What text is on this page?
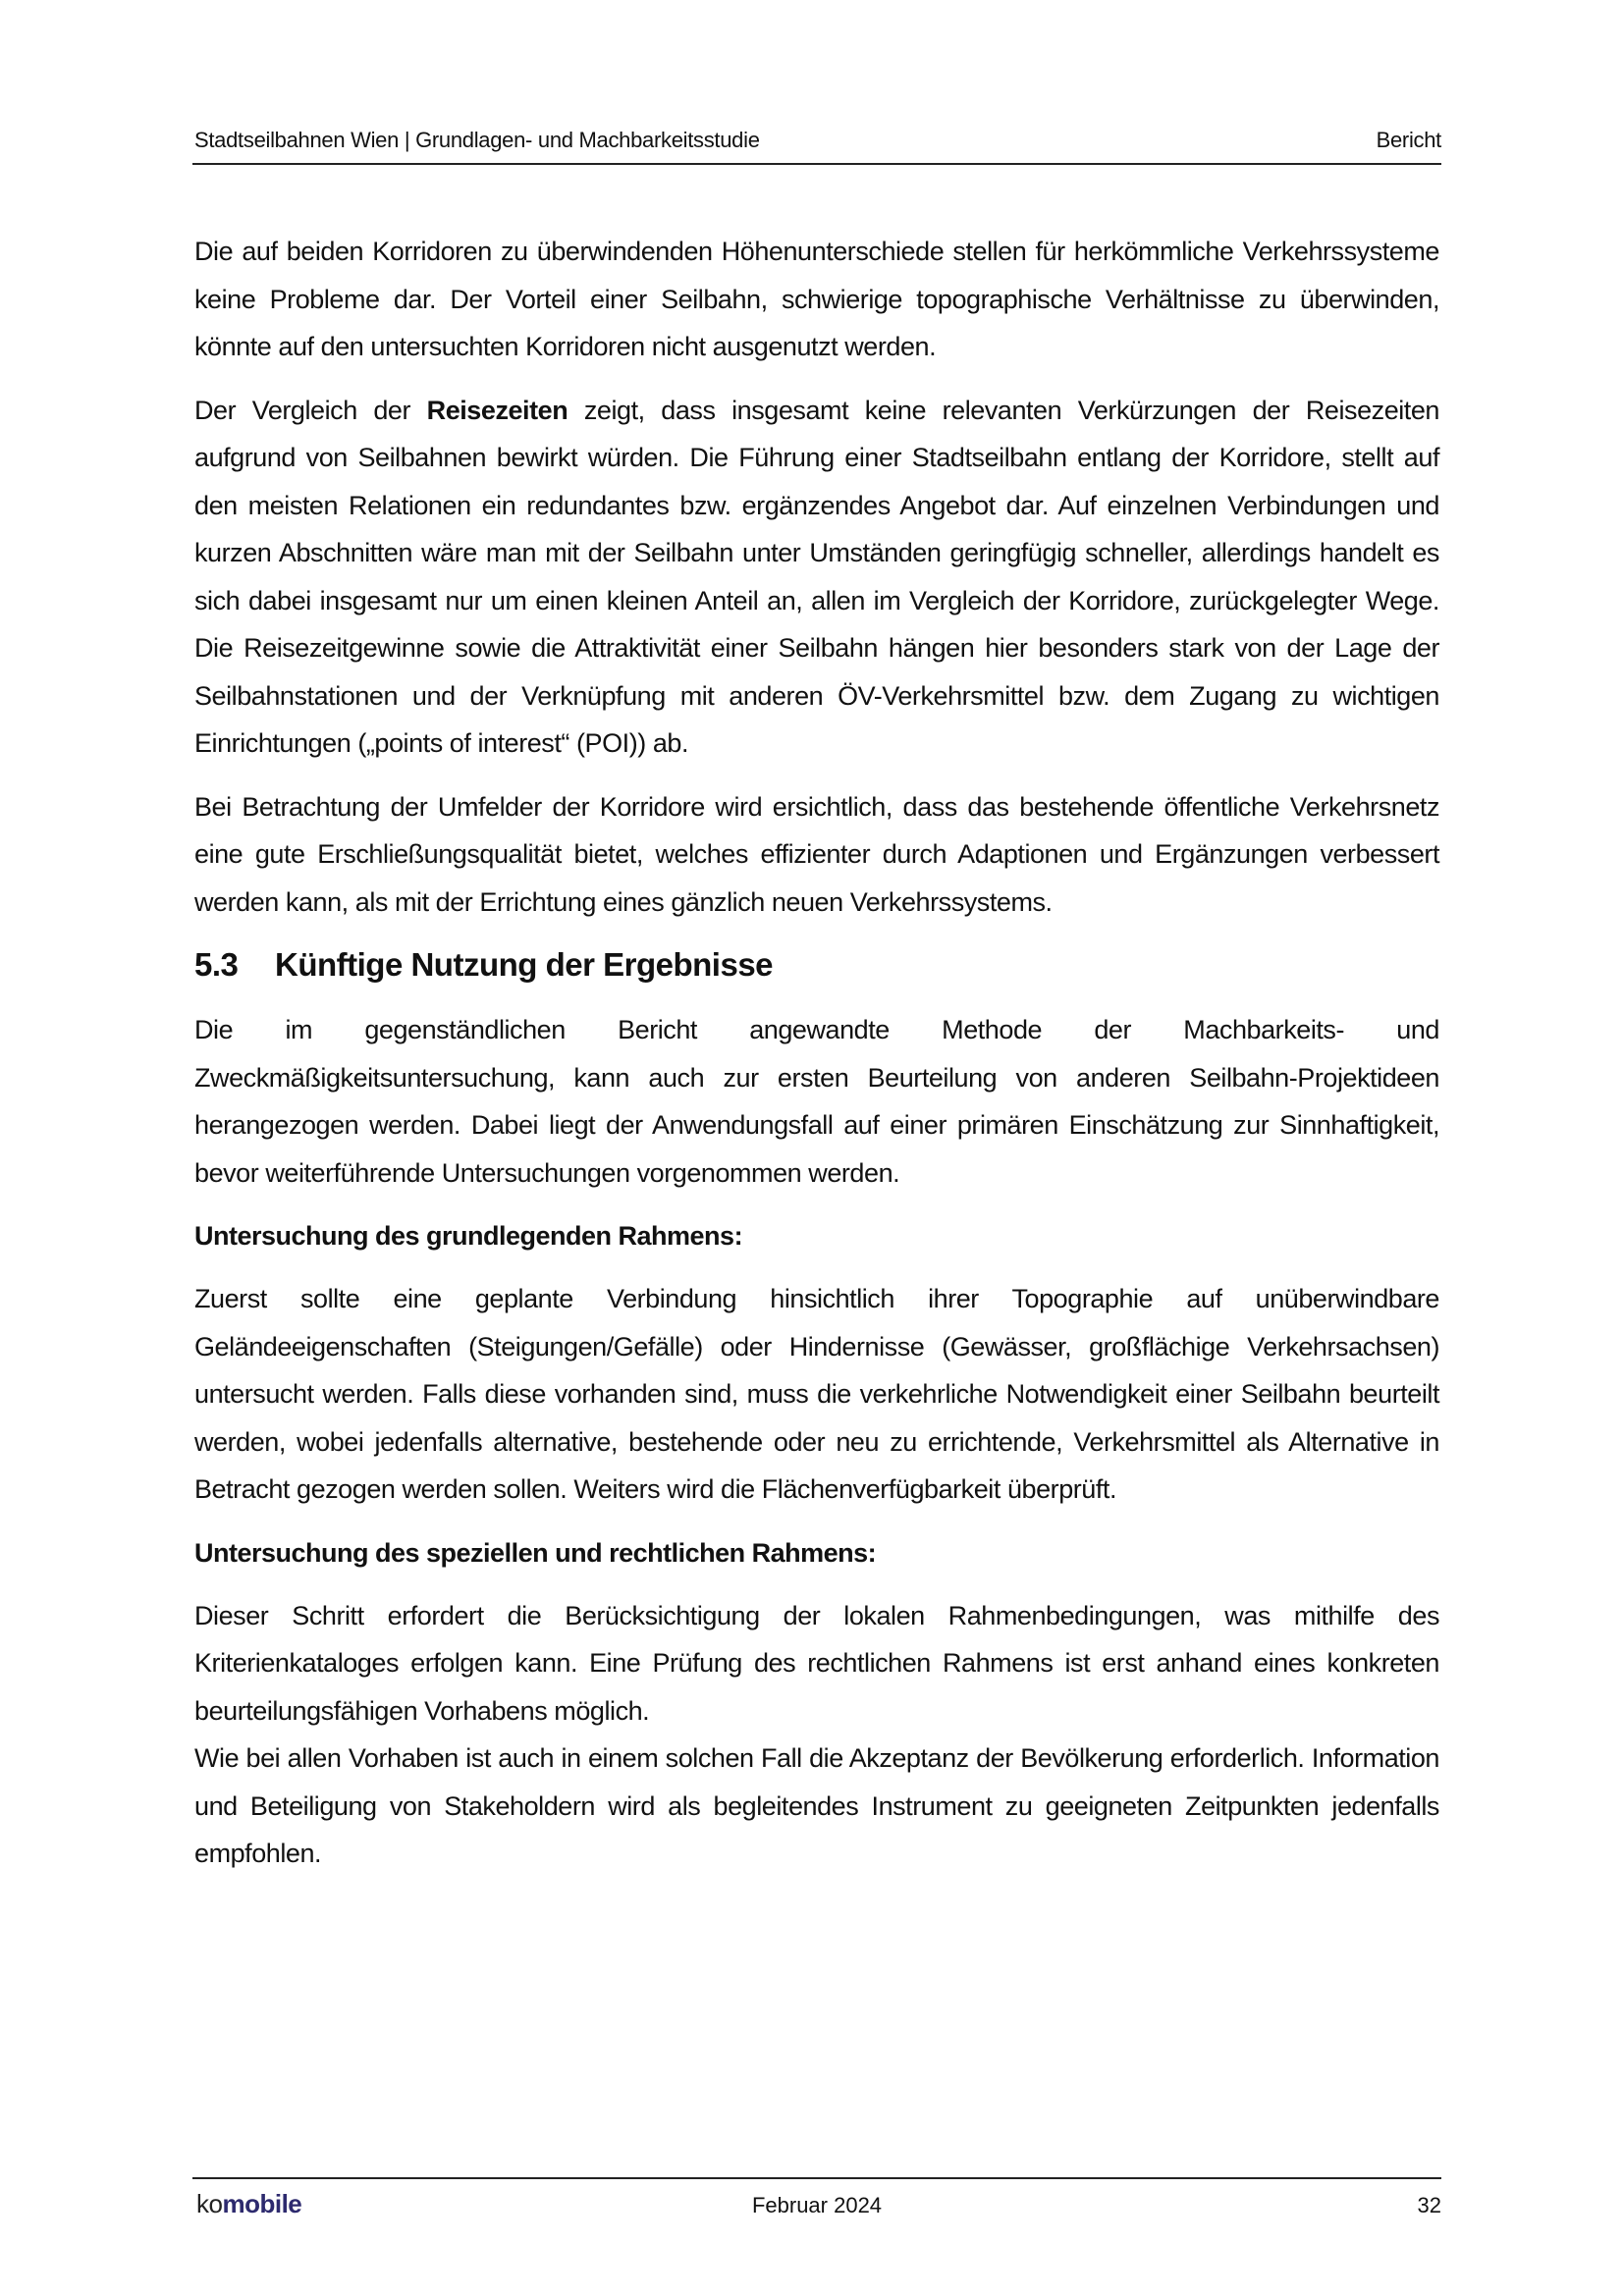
Stadtseilbahnen Wien | Grundlagen- und Machbarkeitsstudie	Bericht

Die auf beiden Korridoren zu überwindenden Höhenunterschiede stellen für herkömmliche Verkehrssysteme keine Probleme dar. Der Vorteil einer Seilbahn, schwierige topographische Verhältnisse zu überwinden, könnte auf den untersuchten Korridoren nicht ausgenutzt werden.

Der Vergleich der Reisezeiten zeigt, dass insgesamt keine relevanten Verkürzungen der Reisezeiten aufgrund von Seilbahnen bewirkt würden. Die Führung einer Stadtseilbahn entlang der Korridore, stellt auf den meisten Relationen ein redundantes bzw. ergänzendes Angebot dar. Auf einzelnen Verbindungen und kurzen Abschnitten wäre man mit der Seilbahn unter Umständen geringfügig schneller, allerdings handelt es sich dabei insgesamt nur um einen kleinen Anteil an, allen im Vergleich der Korridore, zurückgelegter Wege. Die Reisezeitgewinne sowie die Attraktivität einer Seilbahn hängen hier besonders stark von der Lage der Seilbahnstationen und der Verknüpfung mit anderen ÖV-Verkehrsmittel bzw. dem Zugang zu wichtigen Einrichtungen („points of interest“ (POI)) ab.

Bei Betrachtung der Umfelder der Korridore wird ersichtlich, dass das bestehende öffentliche Verkehrsnetz eine gute Erschließungsqualität bietet, welches effizienter durch Adaptionen und Ergänzungen verbessert werden kann, als mit der Errichtung eines gänzlich neuen Verkehrssystems.

5.3 Künftige Nutzung der Ergebnisse

Die im gegenständlichen Bericht angewandte Methode der Machbarkeits- und Zweckmäßigkeitsuntersuchung, kann auch zur ersten Beurteilung von anderen Seilbahn-Projektideen herangezogen werden. Dabei liegt der Anwendungsfall auf einer primären Einschätzung zur Sinnhaftigkeit, bevor weiterführende Untersuchungen vorgenommen werden.

Untersuchung des grundlegenden Rahmens:

Zuerst sollte eine geplante Verbindung hinsichtlich ihrer Topographie auf unüberwindbare Geländeeigenschaften (Steigungen/Gefälle) oder Hindernisse (Gewässer, großflächige Verkehrsachsen) untersucht werden. Falls diese vorhanden sind, muss die verkehrliche Notwendigkeit einer Seilbahn beurteilt werden, wobei jedenfalls alternative, bestehende oder neu zu errichtende, Verkehrsmittel als Alternative in Betracht gezogen werden sollen. Weiters wird die Flächenverfügbarkeit überprüft.

Untersuchung des speziellen und rechtlichen Rahmens:

Dieser Schritt erfordert die Berücksichtigung der lokalen Rahmenbedingungen, was mithilfe des Kriterienkataloges erfolgen kann. Eine Prüfung des rechtlichen Rahmens ist erst anhand eines konkreten beurteilungsfähigen Vorhabens möglich.

Wie bei allen Vorhaben ist auch in einem solchen Fall die Akzeptanz der Bevölkerung erforderlich. Information und Beteiligung von Stakeholdern wird als begleitendes Instrument zu geeigneten Zeitpunkten jedenfalls empfohlen.

komobile	Februar 2024	32
